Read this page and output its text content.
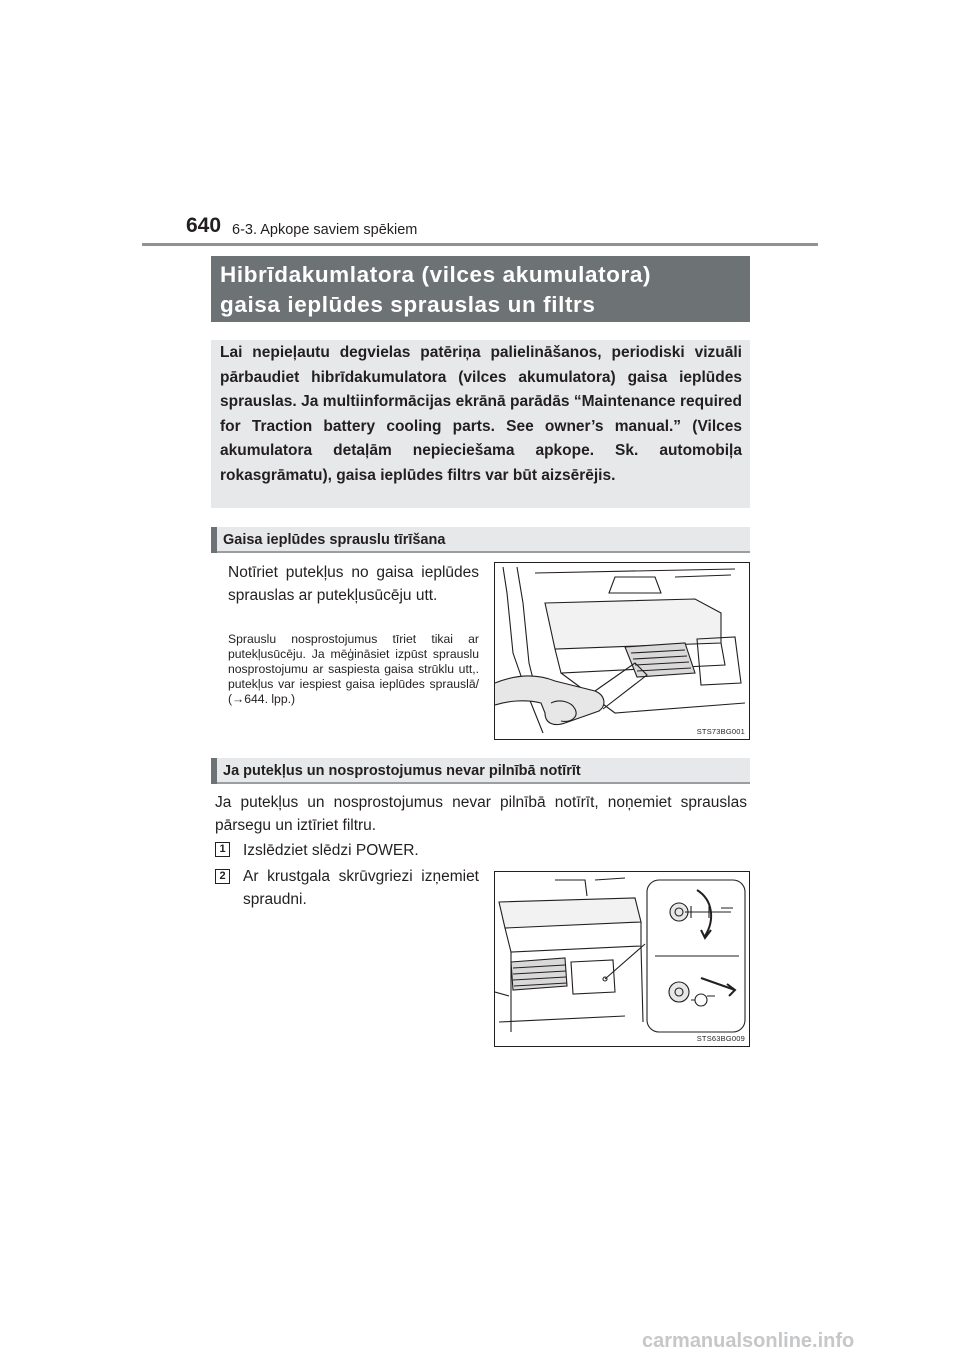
640 6-3. Apkope saviem spēkiem
Hibrīdakumlatora (vilces akumulatora)
gaisa ieplūdes sprauslas un filtrs
Lai nepieļautu degvielas patēriņa palielināšanos, periodiski vizuāli pārbaudiet hibrīdakumulatora (vilces akumulatora) gaisa ieplūdes sprauslas. Ja multiinformācijas ekrānā parādās “Maintenance required for Traction battery cooling parts. See owner’s manual.” (Vilces akumulatora detaļām nepieciešama apkope. Sk. automobiļa rokasgrāmatu), gaisa ieplūdes filtrs var būt aizsērējis.
Gaisa ieplūdes sprauslu tīrīšana
Notīriet putekļus no gaisa ieplūdes sprauslas ar putekļusūcēju utt.
Sprauslu nosprostojumus tīriet tikai ar putekļusūcēju. Ja mēģināsiet izpūst sprauslu nosprostojumu ar saspiesta gaisa strūklu utt,. putekļus var iespiest gaisa ieplūdes sprauslā/ (→644. lpp.)
STS73BG001
Ja putekļus un nosprostojumus nevar pilnībā notīrīt
Ja putekļus un nosprostojumus nevar pilnībā notīrīt, noņemiet sprauslas pārsegu un iztīriet filtru.
1 Izslēdziet slēdzi POWER.
2 Ar krustgala skrūvgriezi izņemiet spraudni.
STS63BG009
carmanualsonline.info
